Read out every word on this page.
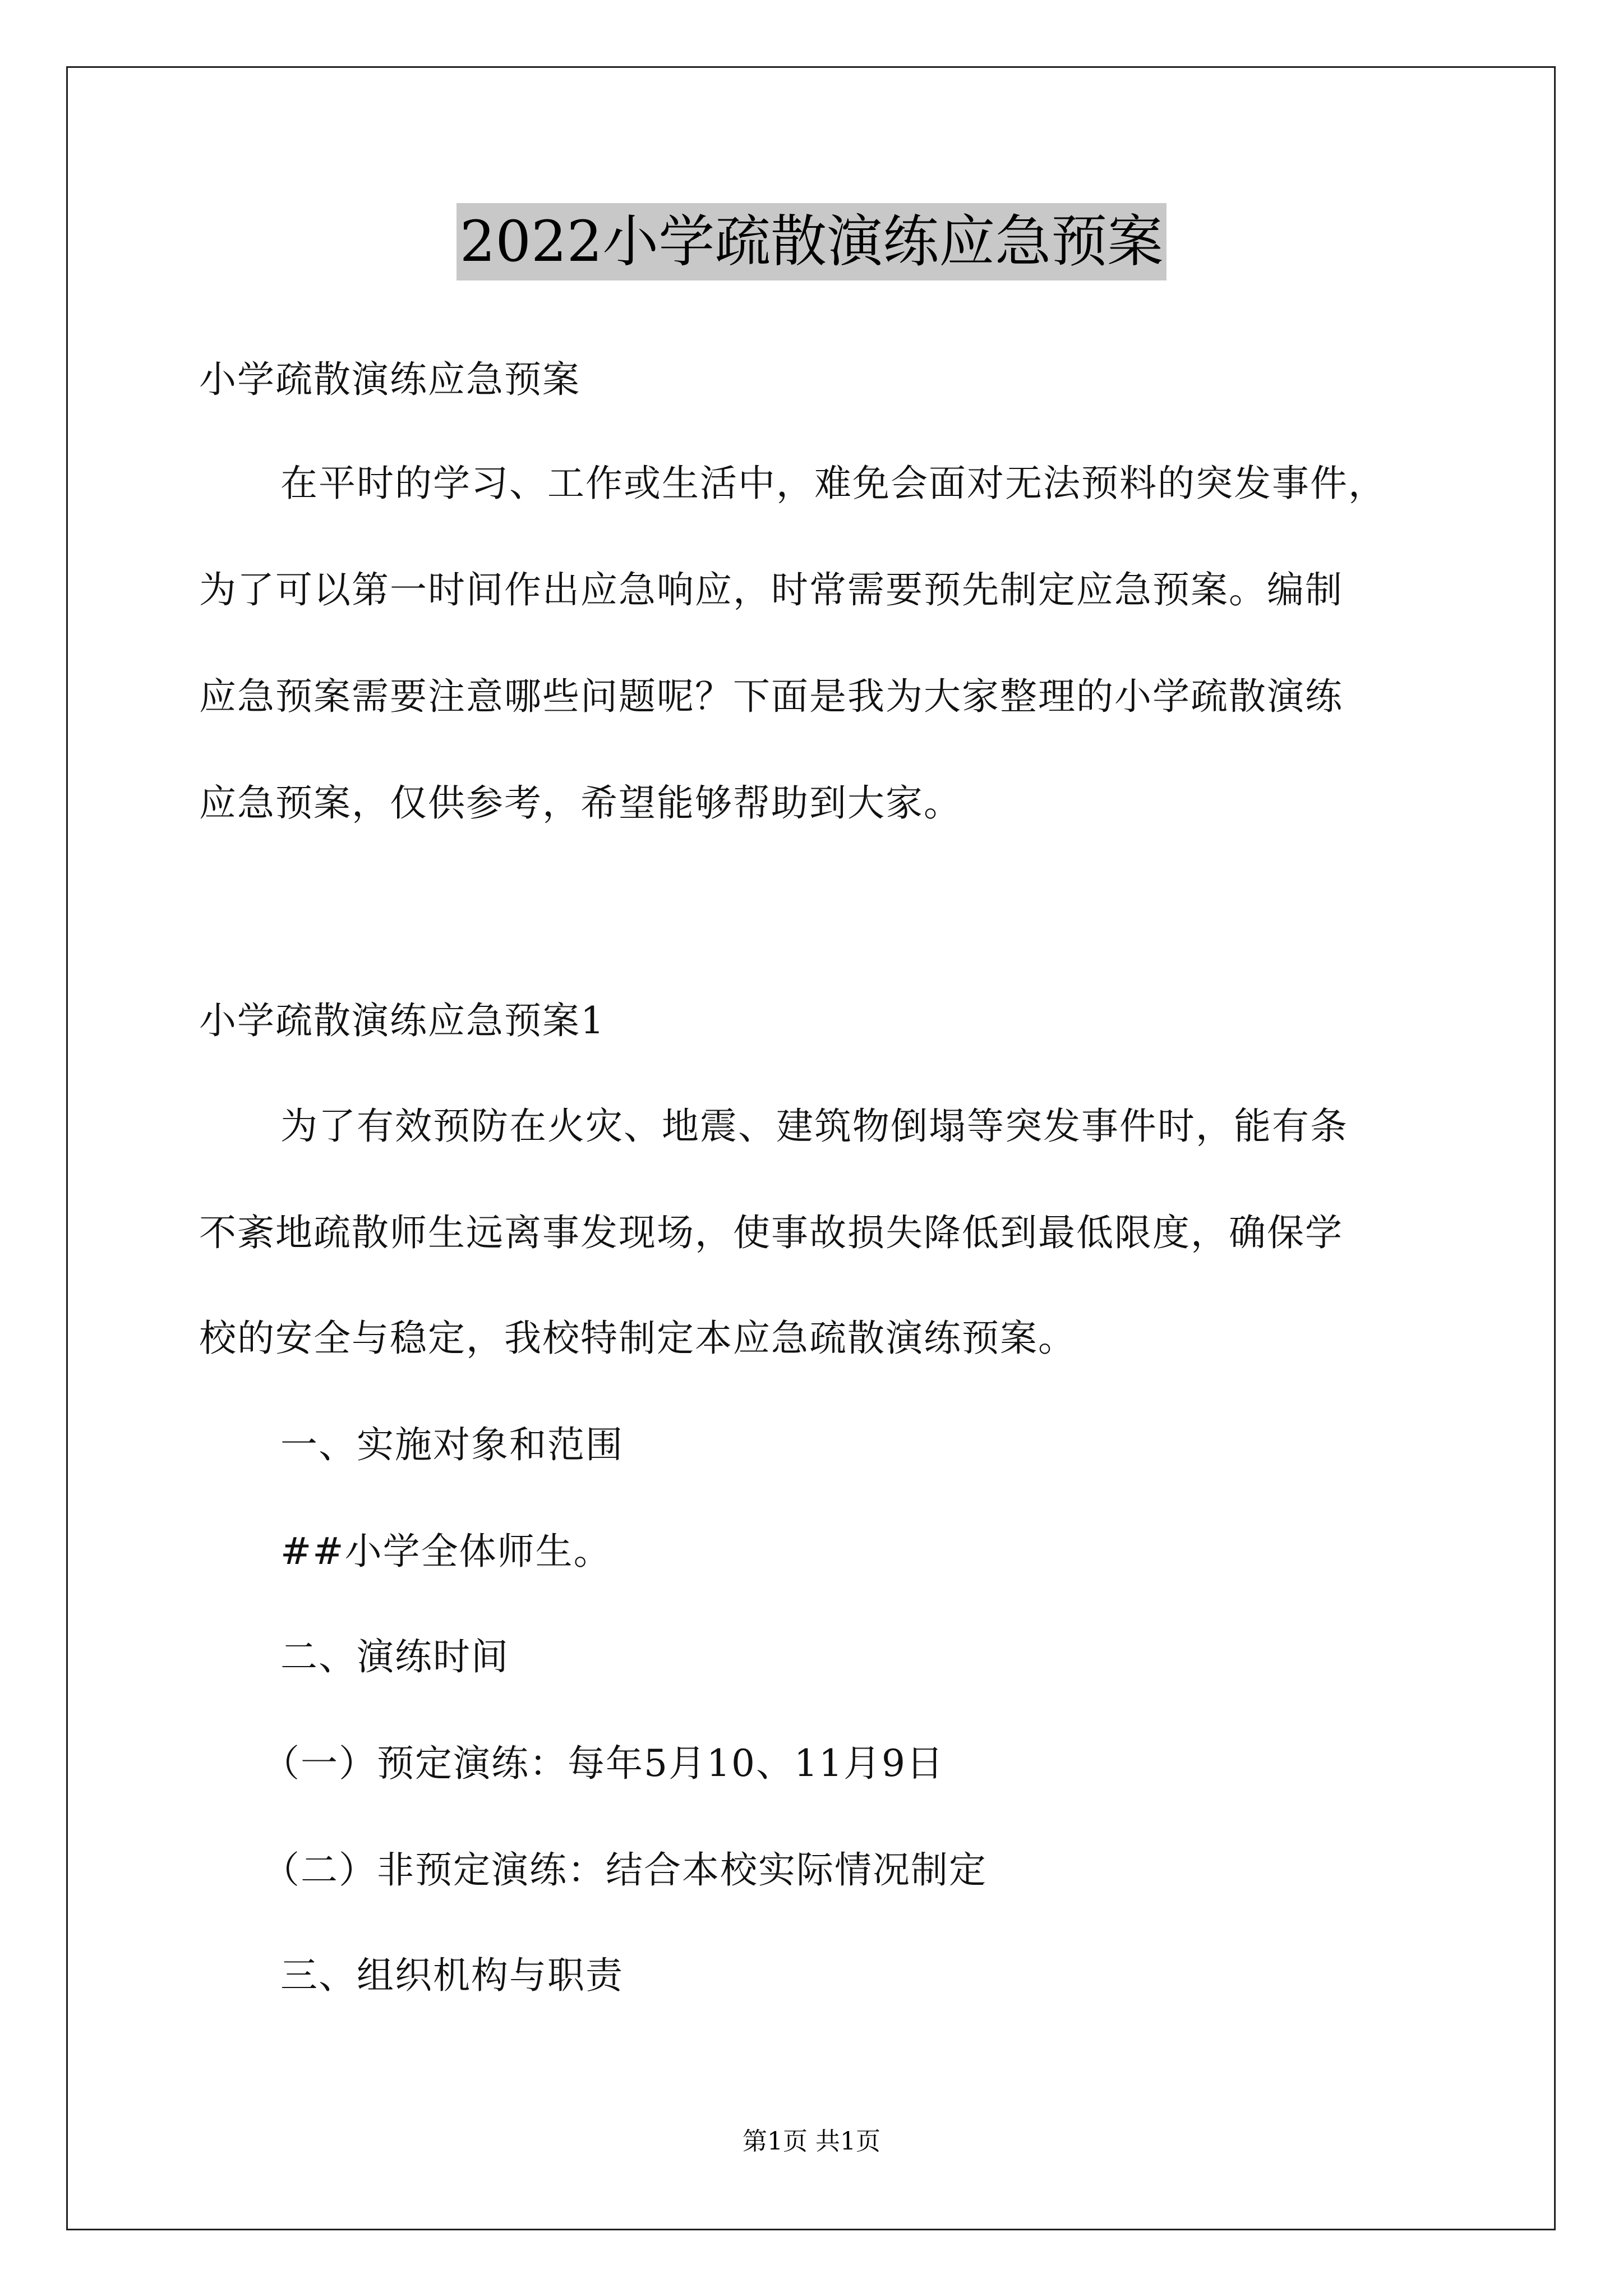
2022小学疏散演练应急预案
小学疏散演练应急预案
在平时的学习、工作或生活中，难免会面对无法预料的突发事件，
为了可以第一时间作出应急响应，时常需要预先制定应急预案。编制
应急预案需要注意哪些问题呢？下面是我为大家整理的小学疏散演练
应急预案，仅供参考，希望能够帮助到大家。
小学疏散演练应急预案1
为了有效预防在火灾、地震、建筑物倒塌等突发事件时，能有条
不紊地疏散师生远离事发现场，使事故损失降低到最低限度，确保学
校的安全与稳定，我校特制定本应急疏散演练预案。
一、实施对象和范围
##小学全体师生。
二、演练时间
（一）预定演练：每年5月10、11月9日
（二）非预定演练：结合本校实际情况制定
三、组织机构与职责
第1页 共1页
